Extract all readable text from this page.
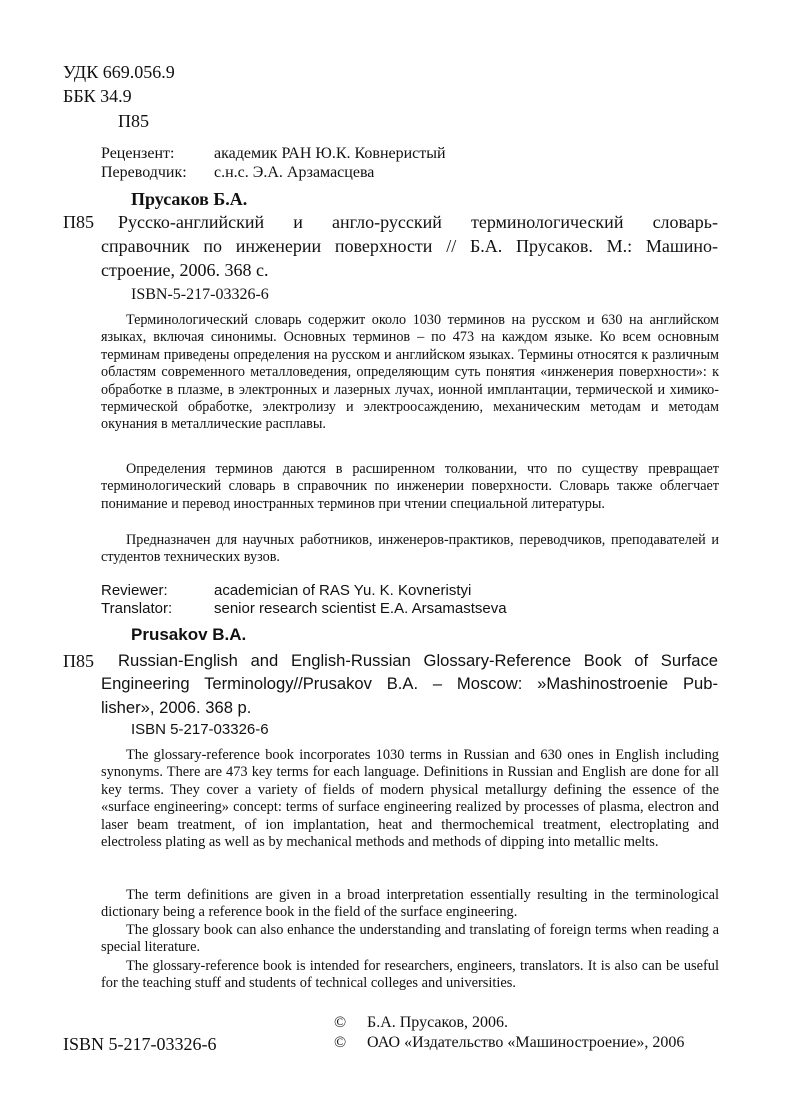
УДК 669.056.9
ББК 34.9
П85
Рецензент: академик РАН Ю.К. Ковнеристый
Переводчик: с.н.с. Э.А. Арзамасцева
Прусаков Б.А.
П85 Русско-английский и англо-русский терминологический словарь-
справочник по инженерии поверхности // Б.А. Прусаков. М.: Машино-
строение, 2006. 368 с.
ISBN-5-217-03326-6
Терминологический словарь содержит около 1030 терминов на русском и 630 на английском языках, включая синонимы. Основных терминов – по 473 на каждом языке. Ко всем основным терминам приведены определения на русском и английском языках. Термины относятся к различным областям современного металловедения, определяющим суть понятия «инженерия поверхности»: к обработке в плазме, в электронных и лазерных лучах, ионной имплантации, термической и химико-термической обработке, электролизу и электроосаждению, механическим методам и методам окунания в металлические расплавы.
Определения терминов даются в расширенном толковании, что по существу превращает терминологический словарь в справочник по инженерии поверхности. Словарь также облегчает понимание и перевод иностранных терминов при чтении специальной литературы.
Предназначен для научных работников, инженеров-практиков, переводчиков, преподавателей и студентов технических вузов.
Reviewer:	academician of RAS Yu. K. Kovneristyi
Translator:	senior research scientist E.A. Arsamastseva
Prusakov B.A.
П85 Russian-English and English-Russian Glossary-Reference Book of Surface
Engineering Terminology//Prusakov B.A. – Moscow: »Mashinostroenie Pub-
lisher», 2006. 368 p.
ISBN 5-217-03326-6
The glossary-reference book incorporates 1030 terms in Russian and 630 ones in English including synonyms. There are 473 key terms for each language. Definitions in Russian and English are done for all key terms. They cover a variety of fields of modern physical metallurgy defining the essence of the «surface engineering» concept: terms of surface engineering realized by processes of plasma, electron and laser beam treatment, of ion implantation, heat and thermochemical treatment, electroplating and electroless plating as well as by mechanical methods and methods of dipping into metallic melts.
The term definitions are given in a broad interpretation essentially resulting in the terminological dictionary being a reference book in the field of the surface engineering.
The glossary book can also enhance the understanding and translating of foreign terms when reading a special literature.
The glossary-reference book is intended for researchers, engineers, translators. It is also can be useful for the teaching stuff and students of technical colleges and universities.
© Б.А. Прусаков, 2006.
ISBN 5-217-03326-6	© ОАО «Издательство «Машиностроение», 2006
